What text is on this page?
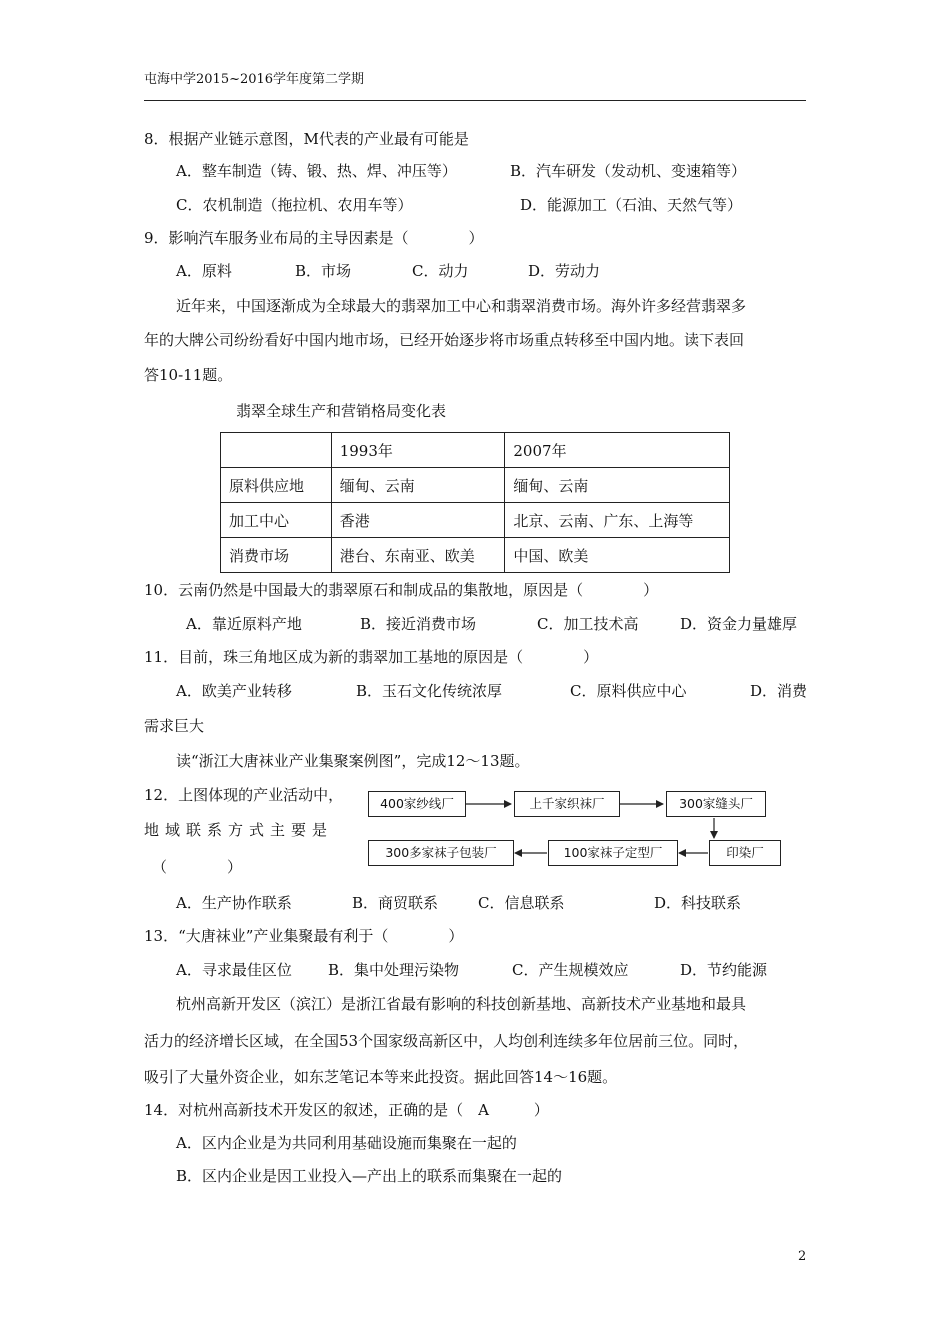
屯海中学2015~2016学年度第二学期
8．根据产业链示意图，M代表的产业最有可能是
A．整车制造（铸、锻、热、焊、冲压等）	B．汽车研发（发动机、变速箱等）
C．农机制造（拖拉机、农用车等）	D．能源加工（石油、天然气等）
9．影响汽车服务业布局的主导因素是（　　　　）
A．原料	B．市场	C．动力	D．劳动力
近年来，中国逐渐成为全球最大的翡翠加工中心和翡翠消费市场。海外许多经营翡翠多
年的大牌公司纷纷看好中国内地市场，已经开始逐步将市场重点转移至中国内地。读下表回
答10-11题。
翡翠全球生产和营销格局变化表
	1993年	2007年
原料供应地	缅甸、云南	缅甸、云南
加工中心	香港	北京、云南、广东、上海等
消费市场	港台、东南亚、欧美	中国、欧美
10．云南仍然是中国最大的翡翠原石和制成品的集散地，原因是（　　　　）
A．靠近原料产地	B．接近消费市场	C．加工技术高	D．资金力量雄厚
11．目前，珠三角地区成为新的翡翠加工基地的原因是（　　　　）
A．欧美产业转移	B．玉石文化传统浓厚	C．原料供应中心	D．消费
需求巨大
读“浙江大唐袜业产业集聚案例图”，完成12～13题。
12．上图体现的产业活动中，
地域联系方式主要是
（　　　　）
400家纱线厂	上千家织袜厂	300家缝头厂
印染厂
100家袜子定型厂
300多家袜子包装厂
A．生产协作联系	B．商贸联系	C．信息联系	D．科技联系
13．“大唐袜业”产业集聚最有利于（　　　　）
A．寻求最佳区位 B．集中处理污染物	C．产生规模效应	D．节约能源
杭州高新开发区（滨江）是浙江省最有影响的科技创新基地、高新技术产业基地和最具
活力的经济增长区域，在全国53个国家级高新区中，人均创利连续多年位居前三位。同时，
吸引了大量外资企业，如东芝笔记本等来此投资。据此回答14～16题。
14．对杭州高新技术开发区的叙述，正确的是（　A　　　）
A．区内企业是为共同利用基础设施而集聚在一起的
B．区内企业是因工业投入—产出上的联系而集聚在一起的
2
